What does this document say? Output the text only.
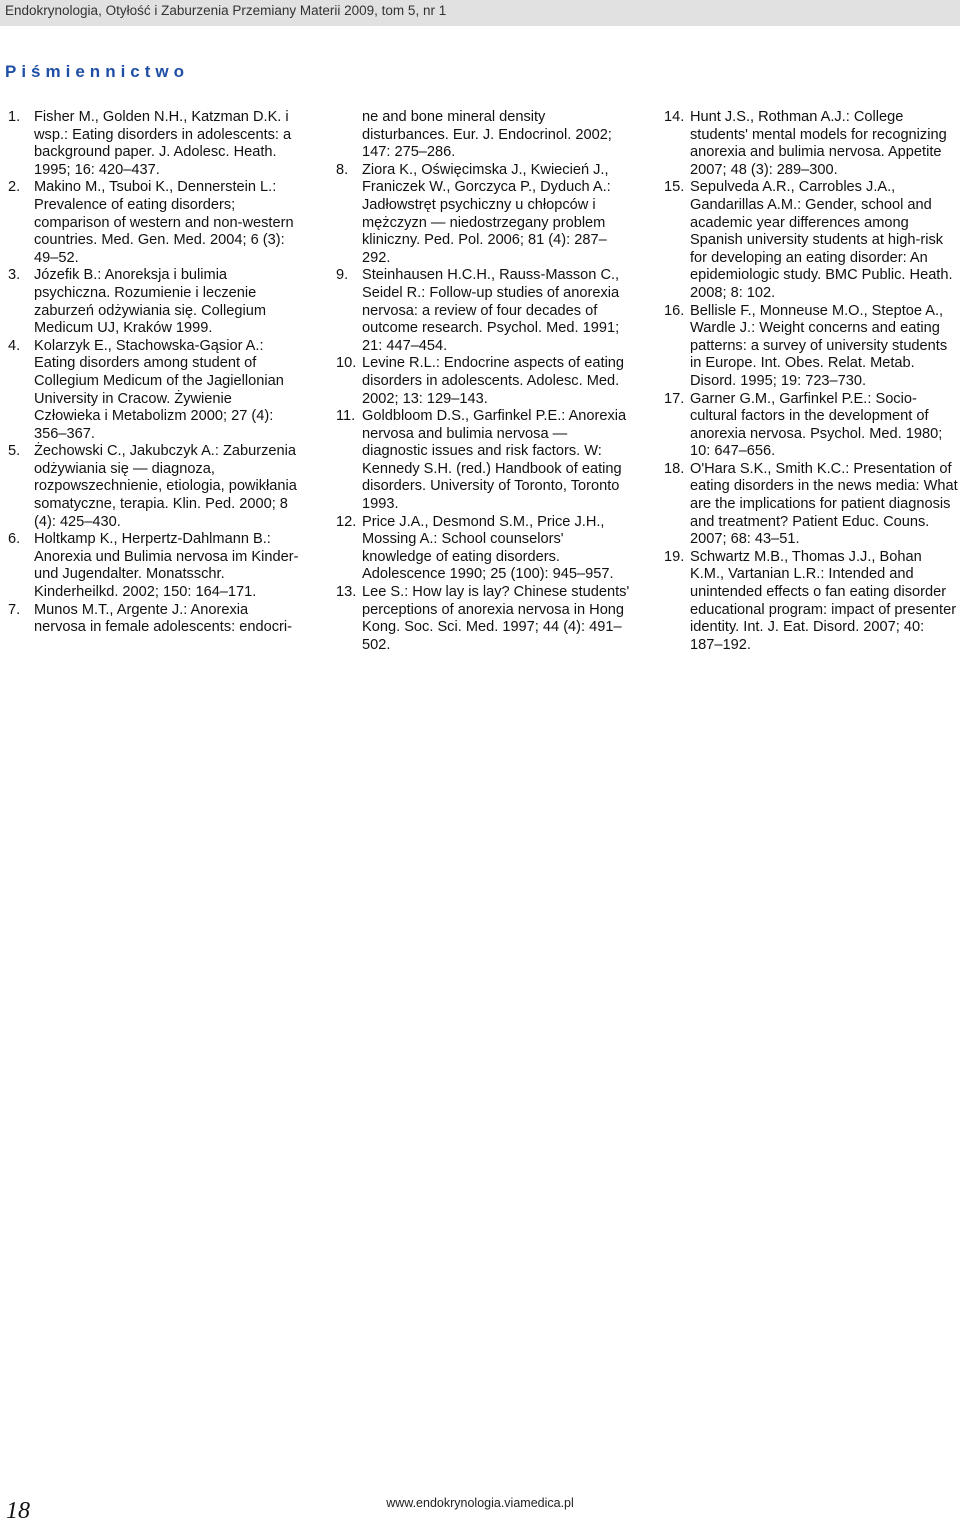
Endokrynologia, Otyłość i Zaburzenia Przemiany Materii 2009, tom 5, nr 1
Piśmiennictwo
1. Fisher M., Golden N.H., Katzman D.K. i wsp.: Eating disorders in adolescents: a background paper. J. Adolesc. Heath. 1995; 16: 420–437.
2. Makino M., Tsuboi K., Dennerstein L.: Prevalence of eating disorders; comparison of western and non-western countries. Med. Gen. Med. 2004; 6 (3): 49–52.
3. Józefik B.: Anoreksja i bulimia psychiczna. Rozumienie i leczenie zaburzeń odżywiania się. Collegium Medicum UJ, Kraków 1999.
4. Kolarzyk E., Stachowska-Gąsior A.: Eating disorders among student of Collegium Medicum of the Jagiellonian University in Cracow. Żywienie Człowieka i Metabolizm 2000; 27 (4): 356–367.
5. Żechowski C., Jakubczyk A.: Zaburzenia odżywiania się — diagnoza, rozpowszechnienie, etiologia, powikłania somatyczne, terapia. Klin. Ped. 2000; 8 (4): 425–430.
6. Holtkamp K., Herpertz-Dahlmann B.: Anorexia und Bulimia nervosa im Kinder- und Jugendalter. Monatsschr. Kinderheilkd. 2002; 150: 164–171.
7. Munos M.T., Argente J.: Anorexia nervosa in female adolescents: endocri-
ne and bone mineral density disturbances. Eur. J. Endocrinol. 2002; 147: 275–286.
8. Ziora K., Oświęcimska J., Kwiecień J., Franiczek W., Gorczyca P., Dyduch A.: Jadłowstręt psychiczny u chłopców i mężczyzn — niedostrzegany problem kliniczny. Ped. Pol. 2006; 81 (4): 287–292.
9. Steinhausen H.C.H., Rauss-Masson C., Seidel R.: Follow-up studies of anorexia nervosa: a review of four decades of outcome research. Psychol. Med. 1991; 21: 447–454.
10. Levine R.L.: Endocrine aspects of eating disorders in adolescents. Adolesc. Med. 2002; 13: 129–143.
11. Goldbloom D.S., Garfinkel P.E.: Anorexia nervosa and bulimia nervosa — diagnostic issues and risk factors. W: Kennedy S.H. (red.) Handbook of eating disorders. University of Toronto, Toronto 1993.
12. Price J.A., Desmond S.M., Price J.H., Mossing A.: School counselors' knowledge of eating disorders. Adolescence 1990; 25 (100): 945–957.
13. Lee S.: How lay is lay? Chinese students' perceptions of anorexia nervosa in Hong Kong. Soc. Sci. Med. 1997; 44 (4): 491–502.
14. Hunt J.S., Rothman A.J.: College students' mental models for recognizing anorexia and bulimia nervosa. Appetite 2007; 48 (3): 289–300.
15. Sepulveda A.R., Carrobles J.A., Gandarillas A.M.: Gender, school and academic year differences among Spanish university students at high-risk for developing an eating disorder: An epidemiologic study. BMC Public. Heath. 2008; 8: 102.
16. Bellisle F., Monneuse M.O., Steptoe A., Wardle J.: Weight concerns and eating patterns: a survey of university students in Europe. Int. Obes. Relat. Metab. Disord. 1995; 19: 723–730.
17. Garner G.M., Garfinkel P.E.: Socio-cultural factors in the development of anorexia nervosa. Psychol. Med. 1980; 10: 647–656.
18. O'Hara S.K., Smith K.C.: Presentation of eating disorders in the news media: What are the implications for patient diagnosis and treatment? Patient Educ. Couns. 2007; 68: 43–51.
19. Schwartz M.B., Thomas J.J., Bohan K.M., Vartanian L.R.: Intended and unintended effects o fan eating disorder educational program: impact of presenter identity. Int. J. Eat. Disord. 2007; 40: 187–192.
www.endokrynologia.viamedica.pl
18
